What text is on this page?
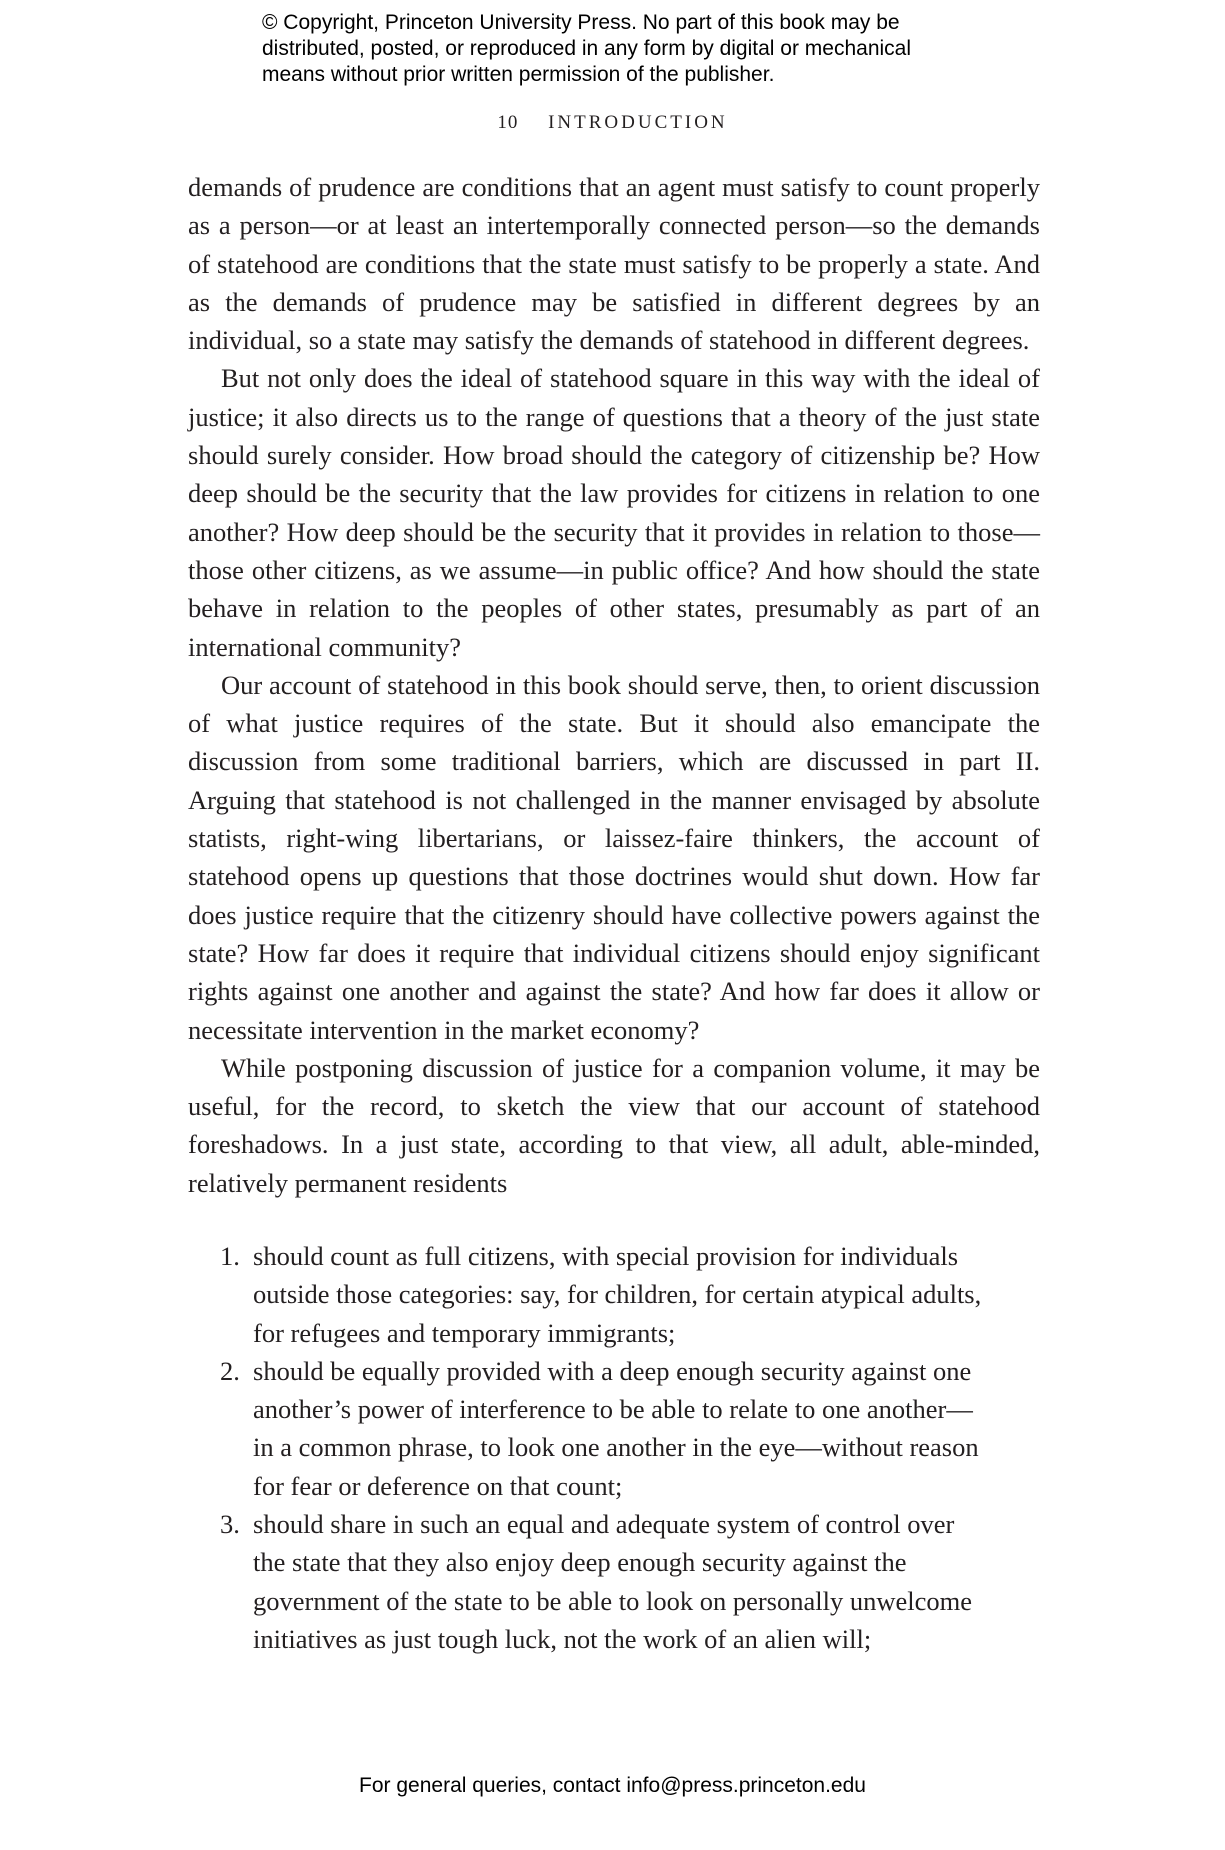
© Copyright, Princeton University Press. No part of this book may be
distributed, posted, or reproduced in any form by digital or mechanical
means without prior written permission of the publisher.
10 INTRODUCTION

demands of prudence are conditions that an agent must satisfy to count properly as a person—or at least an intertemporally connected person—so the demands of statehood are conditions that the state must satisfy to be properly a state. And as the demands of prudence may be satisfied in different degrees by an individual, so a state may satisfy the demands of statehood in different degrees.

But not only does the ideal of statehood square in this way with the ideal of justice; it also directs us to the range of questions that a theory of the just state should surely consider. How broad should the category of citizenship be? How deep should be the security that the law provides for citizens in relation to one another? How deep should be the security that it provides in relation to those—those other citizens, as we assume—in public office? And how should the state behave in relation to the peoples of other states, presumably as part of an international community?

Our account of statehood in this book should serve, then, to orient discussion of what justice requires of the state. But it should also emancipate the discussion from some traditional barriers, which are discussed in part II. Arguing that statehood is not challenged in the manner envisaged by absolute statists, right-wing libertarians, or laissez-faire thinkers, the account of statehood opens up questions that those doctrines would shut down. How far does justice require that the citizenry should have collective powers against the state? How far does it require that individual citizens should enjoy significant rights against one another and against the state? And how far does it allow or necessitate intervention in the market economy?

While postponing discussion of justice for a companion volume, it may be useful, for the record, to sketch the view that our account of statehood foreshadows. In a just state, according to that view, all adult, able-minded, relatively permanent residents

1. should count as full citizens, with special provision for individuals
outside those categories: say, for children, for certain atypical adults,
for refugees and temporary immigrants;
2. should be equally provided with a deep enough security against one
another’s power of interference to be able to relate to one another—
in a common phrase, to look one another in the eye—without reason
for fear or deference on that count;
3. should share in such an equal and adequate system of control over
the state that they also enjoy deep enough security against the
government of the state to be able to look on personally unwelcome
initiatives as just tough luck, not the work of an alien will;
For general queries, contact info@press.princeton.edu
